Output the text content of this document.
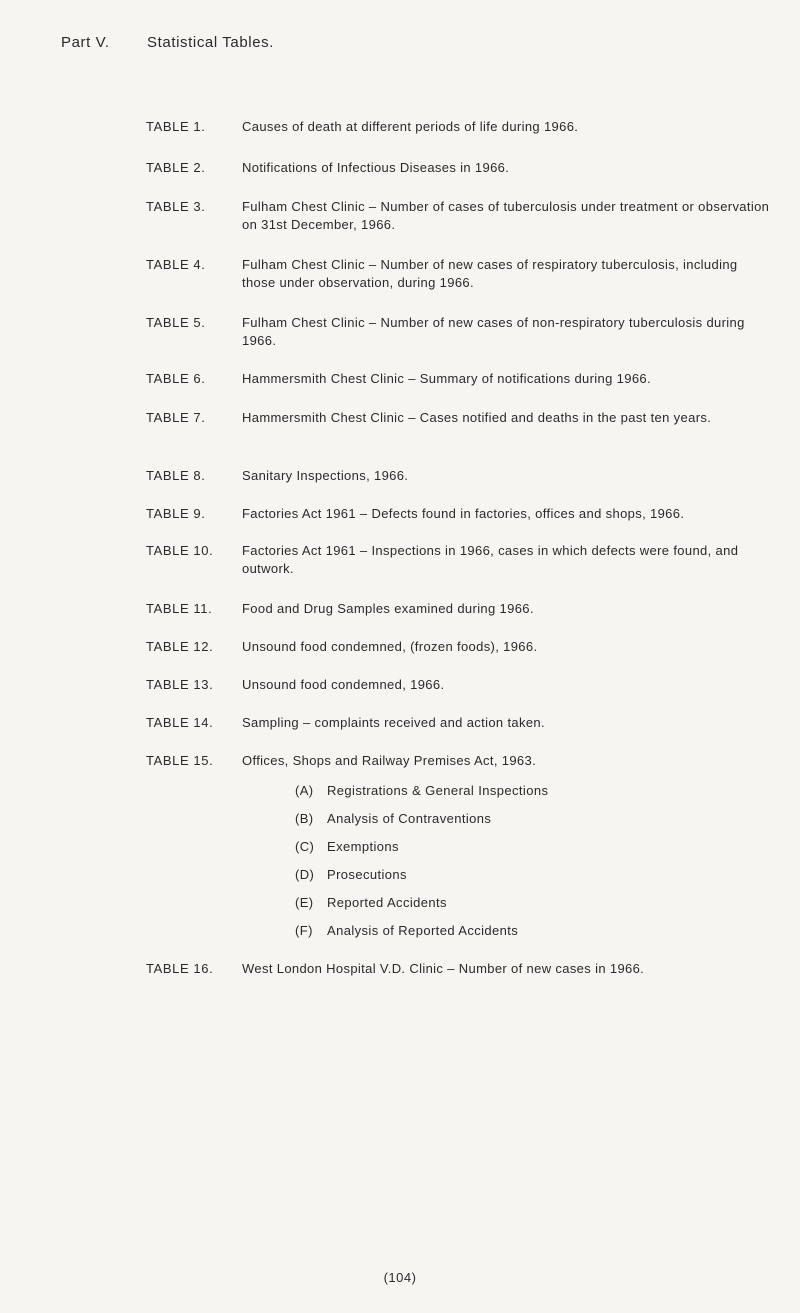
Part V. Statistical Tables.
TABLE 1.	Causes of death at different periods of life during 1966.
TABLE 2.	Notifications of Infectious Diseases in 1966.
TABLE 3.	Fulham Chest Clinic – Number of cases of tuberculosis under treatment or observation on 31st December, 1966.
TABLE 4.	Fulham Chest Clinic – Number of new cases of respiratory tuberculosis, including those under observation, during 1966.
TABLE 5.	Fulham Chest Clinic – Number of new cases of non-respiratory tuberculosis during 1966.
TABLE 6.	Hammersmith Chest Clinic – Summary of notifications during 1966.
TABLE 7.	Hammersmith Chest Clinic – Cases notified and deaths in the past ten years.
TABLE 8.	Sanitary Inspections, 1966.
TABLE 9.	Factories Act 1961 – Defects found in factories, offices and shops, 1966.
TABLE 10. Factories Act 1961 – Inspections in 1966, cases in which defects were found, and outwork.
TABLE 11. Food and Drug Samples examined during 1966.
TABLE 12. Unsound food condemned, (frozen foods), 1966.
TABLE 13. Unsound food condemned, 1966.
TABLE 14. Sampling – complaints received and action taken.
TABLE 15. Offices, Shops and Railway Premises Act, 1963.
(A) Registrations & General Inspections
(B) Analysis of Contraventions
(C) Exemptions
(D) Prosecutions
(E) Reported Accidents
(F) Analysis of Reported Accidents
TABLE 16. West London Hospital V.D. Clinic – Number of new cases in 1966.
(104)
